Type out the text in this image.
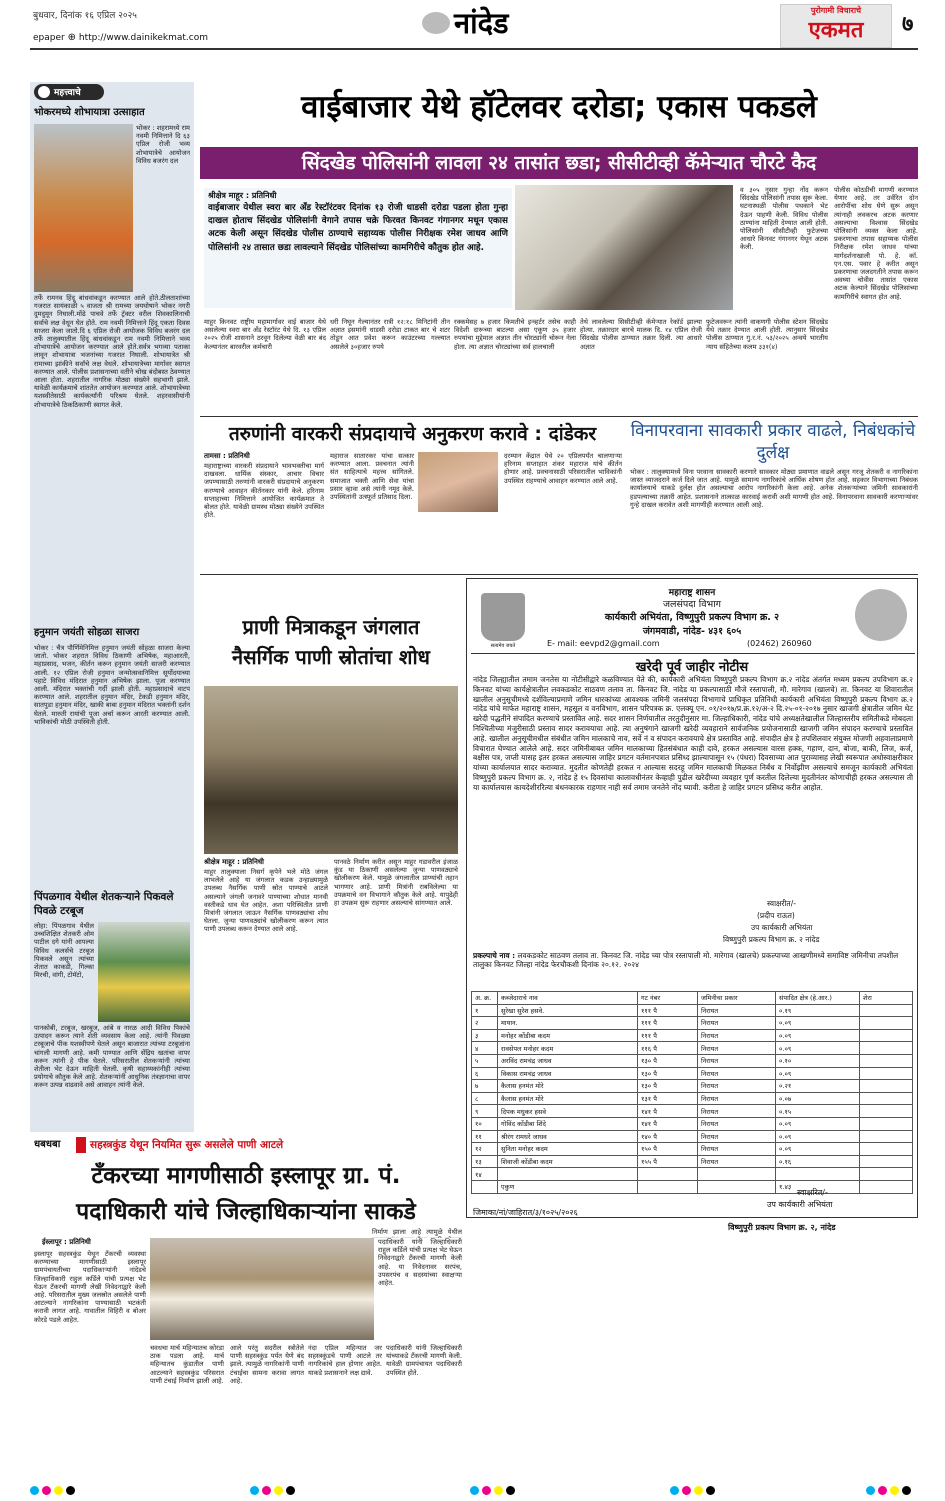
बुधवार, दिनांक १६ एप्रिल २०२५
epaper ⊕ http://www.dainikekmat.com	नांदेड	पुरोगामी विचाराचे
एकमत	७
महत्त्वाचे
भोकरमध्ये शोभायात्रा उत्साहात
भोकर : शहरामध्ये राम नवमी निमित्ताने दि ६३ एप्रिल रोजी भव्य शोभायात्रेचे आयोजन विविध बजरंग दल
तर्फे रामनव हिंदू बांधवांकडून करण्यात आले होते.ठीलताशांच्या गजरात सायंकाळी ५ वाजता श्री रामच्या जयघोषाने भोकर नगरी दुमदुमून निघाली.मोंढे पाचवे तर्फे ट्रॅक्टर वरील शिवकालिनाची सर्वाचे लक्ष वेधून घेत होते. राम नवमी निमित्ताने हिंदू एकता दिवस साजरा केला जातो.दि ६ एप्रिल रोजी आयोजक विविध बजरंग दल तर्फे तालुक्यातील हिंदू बांधवांकडून राम नवमी निमित्ताने भव्य शोभायात्रेचे आयोजन करण्यात आले होते.सर्वत्र भगव्या पताका लावून शोभायात्रा भजनांच्या गजरात निघाली. शोभायात्रेत श्री रामाच्या झांकीने सर्वांचे लक्ष वेधले. शोभायात्रेच्या मार्गावर स्वागत करण्यात आले. पोलीस प्रशासनाच्या वतीने चोख बंदोबस्त ठेवण्यात आला होता. शहरातील नागरिक मोठ्या संख्येने सहभागी झाले. यावेळी कार्यक्रमाचे शांततेत आयोजन करण्यात आले. शोभायात्रेच्या यशस्वीतेसाठी कार्यकर्त्यांनी परिश्रम घेतले. शहरवासीयांनी शोभायात्रेचे ठिकठिकाणी स्वागत केले.
हनुमान जयंती सोहळा साजरा
भोकर : चैत्र पौर्णिमेनिमित्त हनुमान जयंती सोहळा साजरा केल्या जातो. भोकर शहरात विविध ठिकाणी अभिषेक, महाआरती, महाप्रसाद, भजन, कीर्तन करून हनुमान जयंती साजरी करण्यात आली. १२ एप्रिल रोजी हनुमान जन्मोत्सवानिमित्त सूर्योदयाच्या पहाटे विविध मंदिरात हनुमान अभिषेक झाला. पूजा करण्यात आली. मंदिरात भक्तांची गर्दी झाली होती. महाप्रसादाचे वाटप करण्यात आले. शहरातील हनुमान मंदिर, टेकडी हनुमान मंदिर, सातपुडा हनुमान मंदिर, खाकी बाबा हनुमान मंदिरात भक्तांनी दर्शन घेतले. मारुती रायांची पूजा अर्चा करून आरती करण्यात आली. भाविकांची मोठी उपस्थिती होती.
पिंपळगाव येथील शेतकऱ्याने पिकवले पिवळे टरबूज
लोहा: पिंपळगाव येथील उच्चशिक्षित शेतकरी ओम पाटील दगे यांनी आपल्या विविध कलर्सचे टरबूज पिकवले असून त्यांच्या शेतात काकडी, गिल्का मिरची, वांगी, टोमॅटो,
पानकोबी, टरबूज, खरबूज, आंबे व नारळ आदी विविध पिकांचे उत्पादन करून त्याने शेती व्यवसाय केला आहे. त्यांनी पिवळ्या टरबूजाचे पीक यशस्वीपणे घेतले असून बाजारात त्यांच्या टरबूजांना चांगली मागणी आहे. कमी पाण्यात आणि सेंद्रिय खतांचा वापर करून त्यांनी हे पीक घेतले. परिसरातील शेतकऱ्यांनी त्यांच्या शेतीला भेट देऊन माहिती घेतली. कृषी सहाय्यकांनीही त्यांच्या प्रयोगाचे कौतुक केले आहे. शेतकऱ्यांनी आधुनिक तंत्रज्ञानाचा वापर करून उत्पन्न वाढवावे असे आवाहन त्यांनी केले.
वाईबाजार येथे हॉटेलवर दरोडा; एकास पकडले
सिंदखेड पोलिसांनी लावला २४ तासांत छडा; सीसीटीव्ही कॅमेऱ्यात चौरटे कैद
श्रीक्षेत्र माहूर : प्रतिनिधी
वाईबाजार येथील स्वरा बार अँड रेस्टॉरंटवर दिनांक १३ रोजी धाडसी दरोडा पडला होता गुन्हा दाखल होताच सिंदखेड पोलिसांनी वेगाने तपास चक्रे फिरवत किनवट गंगानगर मधून एकास अटक केली असून सिंदखेड पोलीस ठाण्याचे सहाय्यक पोलीस निरीक्षक रमेश जाधव आणि पोलिसांनी २४ तासात छडा लावल्याने सिंदखेड पोलिसांच्या कामगिरीचे कौतुक होत आहे.
व ३०५ नुसार गुन्हा नोंद करून सिंदखेड पोलिसांनी तपास सुरू केला. घटनास्थळी पोलीस पथकाने भेट देऊन पाहणी केली. विविध पोलीस ठाण्यांना माहिती देण्यात आली होती. पोलिसांनी सीसीटीव्ही फुटेजच्या आधारे किनवट गंगानगर येथून अटक केली.
पोलीस कोठडीची मागणी करण्यात येणार आहे. तर उर्वरित दोन आरोपींचा शोध घेणे सुरू असून त्यांनाही लवकरच अटक करणार असल्याचा विश्वास सिंदखेड पोलिसांनी व्यक्त केला आहे. प्रकरणाचा तपास सहाय्यक पोलीस निरीक्षक रमेश जाधव यांच्या मार्गदर्शनाखाली पो. हे. कॉ. एन.एस. पवार हे करीत असून प्रकरणाचा जलदगतीने तपास करून अवघ्या चोवीस तासांत एकास अटक केल्याने सिंदखेड पोलिसांच्या कामगिरीचे स्वागत होत आहे.
माहूर किनवट राष्ट्रीय महामार्गावर वाई बाजार येथे असलेल्या स्वरा बार अँड रेस्टॉरंट येथे दि. १३ एप्रिल २०२५ रोजी शासनाने ठरवून दिलेल्या वेळी बार बंद केल्यानंतर बारवरील कर्मचारी
धरी निघून गेल्यानंतर रात्री १२:१८ मिनिटांनी तीन अज्ञात इसमांनी धाडसी दरोडा टाकत बार चे शटर तोडून आत प्रवेश करून काउंटरच्या गल्ल्यात असलेले ३०हजार रुपये
रक्कमेसह ७ हजार किमतीचे इन्व्हर्टर तसेच काही विदेशी दारूच्या बाटल्या असा एकूण ३५ हजार रुपयांचा मुद्देमाल अज्ञात तीन चोरट्यांनी चोरून नेला होता. त्या अज्ञात चोरट्यांच्या सर्व हालचाली
तेथे लावलेल्या सिसीटीव्ही कॅमेऱ्यात रेकॉर्ड झाल्या होत्या. तक्रारदार बारचे मालक दि. १४ एप्रिल रोजी सिंदखेड पोलीस ठाण्यात तक्रार दिली. त्या आधारे अज्ञात
फुटेजवरून त्यांनी वाकणगी पोलीस स्टेशन सिंदखेड येथे तक्रार देण्यात आली होती. त्यानुसार सिंदखेड पोलीस ठाण्यात गु.र.नं. ५३/२०२५ अन्वये भारतीय न्याय संहितेच्या कलम ३३१(४)
तरुणांनी वारकरी संप्रदायाचे अनुकरण करावे : दांडेकर
तामसा : प्रतिनिधी
महाराष्ट्राच्या वारकरी संप्रदायाने भावभक्तीचा मार्ग दाखवला. धार्मिक संस्कार, आचार विचार जपण्यासाठी तरुणांनी वारकरी संप्रदायाचे अनुकरण करण्याचे आवाहन कीर्तनकार यांनी केले. हरिनाम सप्ताहाच्या निमित्ताने आयोजित कार्यक्रमात ते बोलत होते. यावेळी ग्रामस्थ मोठ्या संख्येने उपस्थित होते.
महाराज सातारकर यांचा सत्कार करण्यात आला. प्रवचनात त्यांनी संत साहित्याचे महत्त्व सांगितले. समाजात भक्ती आणि सेवा यांचा प्रसार व्हावा असे त्यांनी नमूद केले. उपस्थितांनी उत्स्फूर्त प्रतिसाद दिला.
दरम्यान केंद्रात येथे २० एप्रिलपर्यंत चालणाऱ्या हरिनाम सप्ताहात शंकर महाराज यांचे कीर्तन होणार आहे. प्रवचनासाठी परिसरातील भाविकांनी उपस्थित राहण्याचे आवाहन करण्यात आले आहे.
विनापरवाना सावकारी प्रकार वाढले, निबंधकांचे दुर्लक्ष
भोकर : तालुक्यामध्ये विना परवाना सावकारी करणारे सावकार मोठ्या प्रमाणात वाढले असून गरजू शेतकरी व नागरिकांना जास्त व्याजदराने कर्ज दिले जात आहे. यामुळे सामान्य नागरिकांचे आर्थिक शोषण होत आहे. सहकार विभागाच्या निबंधक कार्यालयाचे याकडे दुर्लक्ष होत असल्याचा आरोप नागरिकांनी केला आहे. अनेक शेतकऱ्यांच्या जमिनी सावकारांनी हडपल्याच्या तक्रारी आहेत. प्रशासनाने तात्काळ कारवाई करावी अशी मागणी होत आहे. विनापरवाना सावकारी करणाऱ्यांवर गुन्हे दाखल करावेत अशी मागणीही करण्यात आली आहे.
प्राणी मित्राकडून जंगलात
नैसर्गिक पाणी स्रोतांचा शोध
श्रीक्षेत्र माहूर : प्रतिनिधी
माहूर तालुक्याला निसर्ग कृपेने भले मोठे जंगल लाभलेले आहे या जंगलात कडक उन्हाळ्यामुळे उपलब्ध नैसर्गिक पाणी स्रोत पाण्याचे आटले असल्याने जंगली जनावरे पाण्याच्या शोधात मानवी वस्तीकडे धाव घेत आहेत. अशा परिस्थितीत प्राणी मित्रांनी जंगलात जाऊन नैसर्गिक पाणवठ्यांचा शोध घेतला. जुन्या पाणवठ्यांचे खोलीकरण करून त्यात पाणी उपलब्ध करून देण्यात आले आहे.
पानवठे निर्माण करीत असून माहूर गडावरील इंजाळ कुंड या ठिकाणी असलेल्या जुन्या पाणवठ्याचे खोलीकरण केले. यामुळे जंगलातील प्राण्यांची तहान भागणार आहे. प्राणी मित्रांनी राबविलेल्या या उपक्रमाचे वन विभागाने कौतुक केले आहे. यापुढेही हा उपक्रम सुरू राहणार असल्याचे सांगण्यात आले.
सत्यमेव जयते
महाराष्ट्र शासन
जलसंपदा विभाग
कार्यकारी अभियंता, विष्णुपुरी प्रकल्प विभाग क्र. २
जंगमवाडी, नांदेड- ४३१ ६०५
E- mail: eevpd2@gmail.com	(02462) 260960
खरेदी पूर्व जाहीर नोटीस
नांदेड जिल्ह्यातील तमाम जनतेस या नोटीसीद्वारे कळविण्यात येते की, कार्यकारी अभियंता विष्णुपुरी प्रकल्प विभाग क्र.२ नांदेड अंतर्गत मध्यम प्रकल्प उपविभाग क्र.२ किनवट यांच्या कार्यक्षेत्रातील लवकडकोट साठवण तलाव ता. किनवट जि. नांदेड या प्रकल्पासाठी मौजे रस्तापाली, मौ. मारेगाव (खालचे) ता. किनवट या शिवारातील खालील अनुसूचीमध्ये दर्शविल्याप्रमाणे जमिन धारकांच्या आवश्यक जमिनी जलसंपदा विभागाचे प्राधिकृत प्रतिनिधी कार्यकारी अभियंता विष्णुपुरी प्रकल्प विभाग क्र.२ नांदेड यांचे मार्फत महाराष्ट्र शासन, महसूल व वनविभाग, शासन परिपत्रक क्र. एलक्यू एन. ०१/२०१७/प्र.क्र.१२/अ-२ दि.२५-०१-२०१७ नुसार खाजगी क्षेत्रातील जमिन थेट खरेदी पद्धतीने संपादित करण्याचे प्रस्तावित आहे. सदर शासन निर्णयातील तरतुदीनुसार मा. जिल्हाधिकारी, नांदेड यांचे अध्यक्षतेखालील जिल्हास्तरीय समितीकडे मोबदला निश्चितीच्या मंजुरीसाठी प्रस्ताव सादर करावयाचा आहे. त्या अनुषंगाने खाजगी खरेदी व्यवहाराने सार्वजनिक प्रयोजनासाठी खाजगी जमिन संपादन करण्याचे प्रस्तावित आहे. खालील अनुसूचीमधील संबंधीत जमिन मालकाचे नाव, सर्वे नं व संपादन करावयाचे क्षेत्र प्रस्तावित आहे. संपादीत क्षेत्र हे तपशिलवार संयुक्त मोजणी अहवालाप्रमाणे विचारात घेण्यात आलेले आहे. सदर जमिनीबाबत जमिन मालकाच्या हितसंबंधात काही दावे, हरकत असल्यास वारस हक्क, गहाण, दान, बोजा, बाकी, लिज, कर्ज, बक्षीस पत्र, जप्ती यासह इतर हरकत असल्यास जाहिर प्रगटन वर्तमानपत्रात प्रसिध्द झाल्यापासून १५ (पंधरा) दिवसाच्या आत पुराव्यासह लेखी स्वरूपात अधोस्वाक्षरीकार यांच्या कार्यालयात सादर कराव्यात. मुदतीत कोणतेही हरकत न आल्यास सदरहू जमिन मालकाची मिळकत निर्बंध व निर्वोझीण असल्याचे समजून कार्यकारी अभियंता विष्णुपुरी प्रकल्प विभाग क्र. २, नांदेड हे १५ दिवसांचा कालावधीनंतर केव्हाही पुढील खरेदीच्या व्यवहार पूर्ण करतील दिलेल्या मुदतीनंतर कोणाचीही हरकत असल्यास ती या कार्यालयास कायदेशीररित्या बंधनकारक राहणार नाही सर्व तमाम जनतेने नोंद घ्यावी. करीता हे जाहिर प्रगटन प्रसिध्द करीत आहोत.
स्वाक्षरीत/-
(प्रदीप राऊत)
उप कार्यकारी अभियंता
विष्णुपुरी प्रकल्प विभाग क्र. २ नांदेड
प्रकल्पाचे नाव : लवकडकोट साठवण तलाव ता. किनवट जि. नांदेड च्या पोत्र रस्तापाली मो. मारेगाव (खालचे) प्रकल्पाच्या आखणीमध्ये समाविष्ट जमिनीचा तपशील तालुका किनवट जिल्हा नांदेड फेरचौकशी दिनांक २०.१२. २०२४
अ. क्र.	कब्जेदाराचे नाव	गट नंबर	जमिनीचा प्रकार	संपादित क्षेत्र (हे.आर.)	शेरा
१	सुरेखा सुरेश हसवे.	१११ पै	निरायत	०.१९	
२	मायान.	१११ पै	निरायत	०.०९	
३	मनोहर कोंडीबा कदम	१११ पै	निरायत	०.०९	
४	रावसेपल मनोहर कदम	११६ पै	निरायत	०.०९	
५	अरविंद रामचंद्र जाधव	१३० पै	निरायत	०.१०	
६	विकास रामचंद्र जाधव	१३० पै	निरायत	०.०९	
७	कैलास हनमंत मोरे	१३० पै	निरायत	०.२१	
८	कैलास हनमंत मोरे	१३१ पै	निरायत	०.०७	
९	दिपक मधुकर हसवे	१४१ पै	निरायत	०.१५	
१०	गोविंद कोंडीबा शिंदे	१४१ पै	निरायत	०.०९	
११	श्रीरंग रामधरे जाधव	१४० पै	निरायत	०.०९	
१२	सुनिता मनोहर कदम	१५० पै	निरायत	०.०९	
१३	शिवाजी कोंडीबा कदम	१५५ पै	निरायत	०.१६	
१४					
	एकुण			१.४३	
स्वाक्षरित/-
जिमाका/नां/जाहिरात/३/१०२५/२०२६
उप कार्यकारी अभियंता
विष्णुपुरी प्रकल्प विभाग क्र. २, नांदेड
धबधबा	सहस्त्रकुंड येथून नियमित सुरू असलेले पाणी आटले
टँकरच्या मागणीसाठी इस्लापूर ग्रा. पं.
पदाधिकारी यांचे जिल्हाधिकाऱ्यांना साकडे
ईस्लापूर : प्रतिनिधी
इस्लापूर सहस्त्रकुंड येथून टँकरची व्यवस्था करण्याच्या मागणीसाठी इस्लापूर ग्रामपंचायतीच्या पदाधिकाऱ्यांनी नांदेडचे जिल्हाधिकारी राहुल कर्डिले यांची प्रत्यक्ष भेट घेऊन टँकरची मागणी लेखी निवेदनाद्वारे केली आहे. परिसरातील मुख्य जलस्रोत असलेले पाणी आटल्याने नागरिकांना पाण्यासाठी भटकंती करावी लागत आहे. गावातील विहिरी व बोअर कोरडे पडले आहेत.
पदाधिकारी यांनी जिल्हाधिकारी राहुल कर्डिले यांची प्रत्यक्ष भेट घेऊन निवेदनाद्वारे टँकरची मागणी केली आहे. या निवेदनावर सरपंच, उपसरपंच व सदस्यांच्या स्वाक्षऱ्या आहेत.
चवधचा मार्च महिन्यातच कोरडा ठाक पडला आहे. मार्च महिन्यातच कुंडातील पाणी आटल्याने सहस्त्रकुंड परिसरात पाणी टंचाई निर्माण झाली आहे.
आले परंतु सदरील स्त्रोतेले पाणी सहस्त्रकुंड पर्यत येणे बंद झाले. त्यामुळे नागरिकांनी पाणी टंचाईचा सामना करावा लागत आहे.
नंदा एप्रिल महिन्यात जर सहस्त्रकुंडचे पाणी आटले तर नागरिकांचे हाल होणार आहेत. याकडे प्रशासनाने लक्ष द्यावे.
पदाधिकारी यांनी जिल्हाधिकारी यांच्याकडे टँकरची मागणी केली. यावेळी ग्रामपंचायत पदाधिकारी उपस्थित होते.
निर्माण झाला आहे त्यामुळे येथील
